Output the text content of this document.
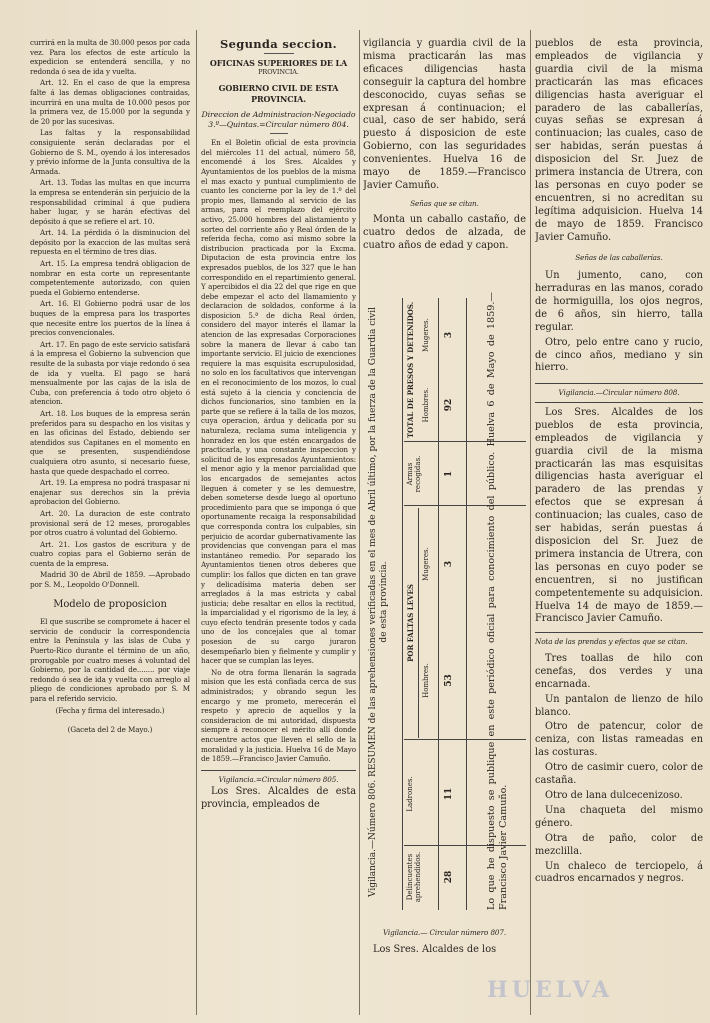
currirá en la multa de 30.000 pesos por cada vez. Para los efectos de este artículo la expedicion se entenderá sencilla, y no redonda ó sea de ida y vuelta.

Art. 12. En el caso de que la empresa falte á las demas obligaciones contraidas, incurrirá en una multa de 10.000 pesos por la primera vez, de 15.000 por la segunda y de 20 por las sucesivas.

Las faltas y la responsabilidad consiguiente serán declaradas por el Gobierno de S. M., oyendo á los interesados y prévio informe de la Junta consultiva de la Armada.

Art. 13. Todas las multas en que incurra la empresa se entenderán sin perjuicio de la responsabilidad criminal á que pudiera haber lugar, y se harán efectivas del depósito á que se refiere el art. 10.

Art. 14. La pérdida ó la disminucion del depósito por la exaccion de las multas será repuesta en el término de tres dias.

Art. 15. La empresa tendrá obligacion de nombrar en esta corte un representante competentemente autorizado, con quien pueda el Gobierno entenderse.

Art. 16. El Gobierno podrá usar de los buques de la empresa para los trasportes que necesite entre los puertos de la línea á precios convencionales.

Art. 17. En pago de este servicio satisfará á la empresa el Gobierno la subvencion que resulte de la subasta por viaje redondo ó sea de ida y vuelta. El pago se hará mensualmente por las cajas de la isla de Cuba, con preferencia á todo otro objeto ó atencion.

Art. 18. Los buques de la empresa serán preferidos para su despacho en los visitas y en las oficinas del Estado, debiendo ser atendidos sus Capitanes en el momento en que se presenten, suspendiéndose cualquiera otro asunto, si necesario fuese, hasta que quede despachado el correo.

Art. 19. La empresa no podrá traspasar ni enajenar sus derechos sin la prévia aprobacion del Gobierno.

Art. 20. La duracion de este contrato provisional será de 12 meses, prorogables por otros cuatro á voluntad del Gobierno.

Art. 21. Los gastos de escritura y de cuatro copias para el Gobierno serán de cuenta de la empresa.

Madrid 30 de Abril de 1859. —Aprobado por S. M., Leopoldo O'Donnell.

Modelo de proposicion

El que suscribe se compromete á hacer el servicio de conducir la correspondencia entre la Península y las islas de Cuba y Puerto-Rico durante el término de un año, prorogable por cuatro meses á voluntad del Gobierno, por la cantidad de........ por viaje redondo ó sea de ida y vuelta con arreglo al pliego de condiciones aprobado por S. M para el referido servicio.

(Fecha y firma del interesado.)

(Gaceta del 2 de Mayo.)

Segunda seccion.
OFICINAS SUPERIORES DE LA
PROVINCIA.
GOBIERNO CIVIL DE ESTA PROVINCIA.

Direccion de Administracion-Negociado 3.º—Quintas.=Circular número 804.

En el Boletin oficial de esta provincia del miércoles 11 del actual, número 58, encomendé á los Sres. Alcaldes y Ayuntamientos de los pueblos de la misma el mas exacto y puntual cumplimiento de cuanto les conciernе por la ley de 1.º del propio mes, llamando al servicio de las armas, para el reemplazo del ejército activo, 25.000 hombres del alistamiento y sorteo del corriente año y Real órden de la referida fecha, como así mismo sobre la distribucion practicada por la Excma. Diputacion de esta provincia entre los expresados pueblos, de los 327 que le han correspondido en el repartimiento general. Y apercibidos el dia 22 del que rige en que debe empezar el acto del llamamiento y declaracion de soldados, conforme á la disposicion 5.ª de dicha Real órden, considero del mayor interés el llamar la atencion de las expresadas Corporaciones sobre la manera de llevar á cabo tan importante servicio. El juicio de exenciones requiere la mas esquisita escrupulosidad, no solo en los facultativos que intervengan en el reconocimiento de los mozos, lo cual está sujeto á la ciencia y conciencia de dichos funcionarios, sino tambien en la parte que se refiere á la talla de los mozos, cuya operacion, árdua y delicada por su naturaleza, reclama suma inteligencia y honradez en los que estén encargados de practicarla, y una constante inspeccion y solicitud de los expresados Ayuntamientos: el menor agio y la menor parcialidad que los encargados de semejantes actos lleguen á cometer y se les demuestre, deben someterse desde luego al oportuno procedimiento para que se imponga ó que oportunamente recaiga la responsabilidad que corresponda contra los culpables, sin perjuicio de acordar gubernativamente las providencias que convengan para el mas instantáneo remedio. Por separado los Ayuntamientos tienen otros deberes que cumplir: los fallos que dicten en tan grave y delicadísima materia deben ser arreglados á la mas estricta y cabal justicia; debe resaltar en ellos la rectitud, la imparcialidad y el rigorismo de la ley, á cuyo efecto tendrán presente todos y cada uno de los concejales que al tomar posesion de su cargo juraron desempeñarlo bien y fielmente y cumplir y hacer que se cumplan las leyes.

No de otra forma llenarán la sagrada mision que les está confiada cerca de sus administrados; y obrando segun les encargo y me prometo, merecerán el respeto y aprecio de aquellos y la consideracion de mi autoridad, dispuesta siempre á reconocer el mérito allí donde encuentre actos que lleven el sello de la moralidad y la justicia. Huelva 16 de Mayo de 1859.—Francisco Javier Camuño.

Vigilancia.=Circular número 805.

Los Sres. Alcaldes de esta provincia, empleados de

vigilancia y guardia civil de la misma practicarán las mas eficaces diligencias hasta conseguir la captura del hombre desconocido, cuyas señas se expresan á continuacion; el cual, caso de ser habido, será puesto á disposicion de este Gobierno, con las seguridades convenientes. Huelva 16 de mayo de 1859.—Francisco Javier Camuño.

Señas que se citan.

Monta un caballo castaño, de cuatro dedos de alzada, de cuatro años de edad y capon.

Vigilancia.—Número 806. RESUMEN de las aprehensiones verificadas en el mes de Abril último, por la fuerza de la Guardia civil de esta provincia.
Delincuentes aprehendidos.
Ladrones.
POR FALTAS LEVES
Hombres.
Mugeres.
Armas recogidas.
TOTAL DE PRESOS Y DETENIDOS. Hombres.
Mugeres.
28
11
53
3
1
92
3	Lo que he dispuesto se publique en este periódico oficial para conocimiento del público. Huelva 6 de Mayo de 1859.—Francisco Javier Camuño.

Vigilancia.— Circular número 807.

Los Sres. Alcaldes de los

pueblos de esta provincia, empleados de vigilancia y guardia civil de la misma practicarán las mas eficaces diligencias hasta averiguar el paradero de las caballerías, cuyas señas se expresan á continuacion; las cuales, caso de ser habidas, serán puestas á disposicion del Sr. Juez de primera instancia de Utrera, con las personas en cuyo poder se encuentren, si no acreditan su legítima adquisicion. Huelva 14 de mayo de 1859. Francisco Javier Camuño.

Señas de las caballerías.

Un jumento, cano, con herraduras en las manos, corado de hormiguilla, los ojos negros, de 6 años, sin hierro, talla regular.

Otro, pelo entre cano y rucio, de cinco años, mediano y sin hierro.

Vigilancia.—Circular número 808.

Los Sres. Alcaldes de los pueblos de esta provincia, empleados de vigilancia y guardia civil de la misma practicarán las mas esquisitas diligencias hasta averiguar el paradero de las prendas y efectos que se expresan á continuacion; las cuales, caso de ser habidas, serán puestas á disposicion del Sr. Juez de primera instancia de Utrera, con las personas en cuyo poder se encuentren, si no justifican competentemente su adquisicion. Huelva 14 de mayo de 1859.—Francisco Javier Camuño.

Nota de las prendas y efectos que se citan.

Tres toallas de hilo con cenefas, dos verdes y una encarnada.

Un pantalon de lienzo de hilo blanco.

Otro de patencur, color de ceniza, con listas rameadas en las costuras.

Otro de casimir cuero, color de castaña.

Otro de lana dulcecenizoso.

Una chaqueta del mismo género.

Otra de paño, color de mezclilla.

Un chaleco de terciopelo, á cuadros encarnados y negros.

HUELVA
